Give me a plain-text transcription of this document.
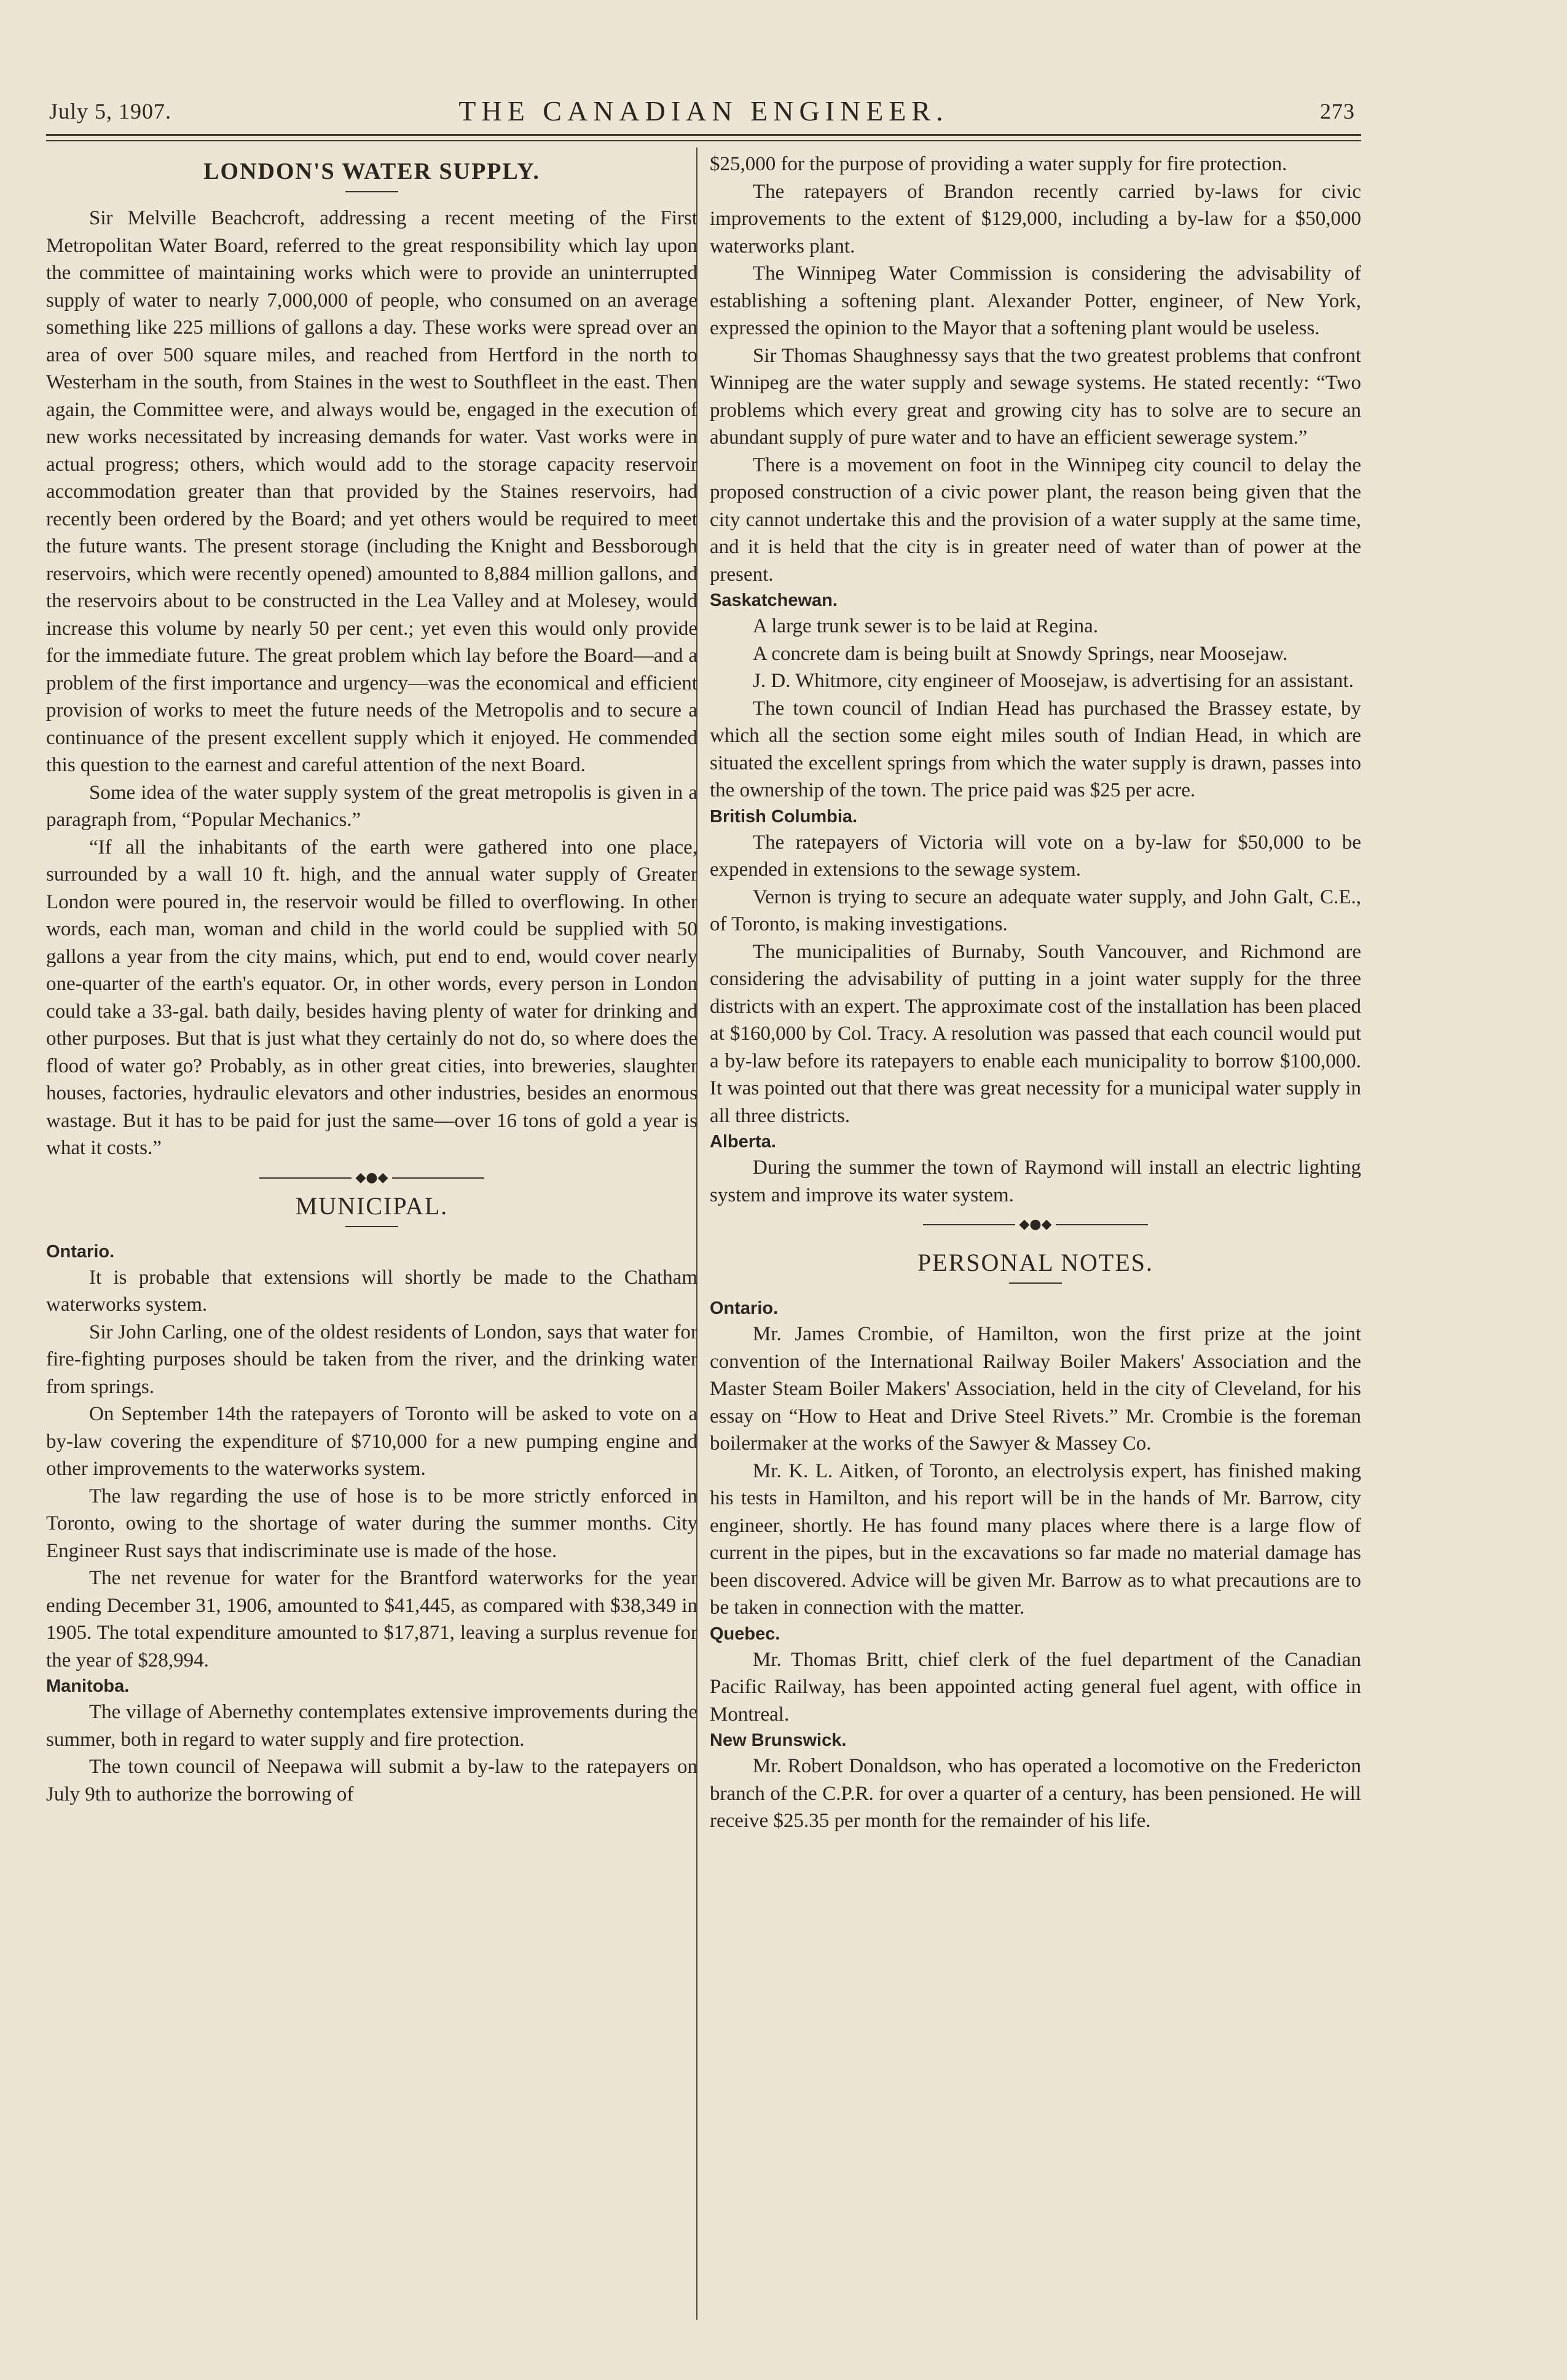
July 5, 1907.	THE CANADIAN ENGINEER.	273
LONDON'S WATER SUPPLY.

Sir Melville Beachcroft, addressing a recent meeting of the First Metropolitan Water Board, referred to the great responsibility which lay upon the committee of maintaining works which were to provide an uninterrupted supply of water to nearly 7,000,000 of people, who consumed on an average something like 225 millions of gallons a day. These works were spread over an area of over 500 square miles, and reached from Hertford in the north to Westerham in the south, from Staines in the west to Southfleet in the east. Then again, the Committee were, and always would be, engaged in the execution of new works necessitated by increasing demands for water. Vast works were in actual progress; others, which would add to the storage capacity reservoir accommodation greater than that provided by the Staines reservoirs, had recently been ordered by the Board; and yet others would be required to meet the future wants. The present storage (including the Knight and Bessborough reservoirs, which were recently opened) amounted to 8,884 million gallons, and the reservoirs about to be constructed in the Lea Valley and at Molesey, would increase this volume by nearly 50 per cent.; yet even this would only provide for the immediate future. The great problem which lay before the Board—and a problem of the first importance and urgency—was the economical and efficient provision of works to meet the future needs of the Metropolis and to secure a continuance of the present excellent supply which it enjoyed. He commended this question to the earnest and careful attention of the next Board.

Some idea of the water supply system of the great metropolis is given in a paragraph from, “Popular Mechanics.”

“If all the inhabitants of the earth were gathered into one place, surrounded by a wall 10 ft. high, and the annual water supply of Greater London were poured in, the reservoir would be filled to overflowing. In other words, each man, woman and child in the world could be supplied with 50 gallons a year from the city mains, which, put end to end, would cover nearly one-quarter of the earth's equator. Or, in other words, every person in London could take a 33-gal. bath daily, besides having plenty of water for drinking and other purposes. But that is just what they certainly do not do, so where does the flood of water go? Probably, as in other great cities, into breweries, slaughter houses, factories, hydraulic elevators and other industries, besides an enormous wastage. But it has to be paid for just the same—over 16 tons of gold a year is what it costs.”

◆●◆
MUNICIPAL.

Ontario.

It is probable that extensions will shortly be made to the Chatham waterworks system.

Sir John Carling, one of the oldest residents of London, says that water for fire-fighting purposes should be taken from the river, and the drinking water from springs.

On September 14th the ratepayers of Toronto will be asked to vote on a by-law covering the expenditure of $710,000 for a new pumping engine and other improvements to the waterworks system.

The law regarding the use of hose is to be more strictly enforced in Toronto, owing to the shortage of water during the summer months. City Engineer Rust says that indiscriminate use is made of the hose.

The net revenue for water for the Brantford waterworks for the year ending December 31, 1906, amounted to $41,445, as compared with $38,349 in 1905. The total expenditure amounted to $17,871, leaving a surplus revenue for the year of $28,994.

Manitoba.

The village of Abernethy contemplates extensive improvements during the summer, both in regard to water supply and fire protection.

The town council of Neepawa will submit a by-law to the ratepayers on July 9th to authorize the borrowing of

$25,000 for the purpose of providing a water supply for fire protection.

The ratepayers of Brandon recently carried by-laws for civic improvements to the extent of $129,000, including a by-law for a $50,000 waterworks plant.

The Winnipeg Water Commission is considering the advisability of establishing a softening plant. Alexander Potter, engineer, of New York, expressed the opinion to the Mayor that a softening plant would be useless.

Sir Thomas Shaughnessy says that the two greatest problems that confront Winnipeg are the water supply and sewage systems. He stated recently: “Two problems which every great and growing city has to solve are to secure an abundant supply of pure water and to have an efficient sewerage system.”

There is a movement on foot in the Winnipeg city council to delay the proposed construction of a civic power plant, the reason being given that the city cannot undertake this and the provision of a water supply at the same time, and it is held that the city is in greater need of water than of power at the present.

Saskatchewan.

A large trunk sewer is to be laid at Regina.

A concrete dam is being built at Snowdy Springs, near Moosejaw.

J. D. Whitmore, city engineer of Moosejaw, is advertising for an assistant.

The town council of Indian Head has purchased the Brassey estate, by which all the section some eight miles south of Indian Head, in which are situated the excellent springs from which the water supply is drawn, passes into the ownership of the town. The price paid was $25 per acre.

British Columbia.

The ratepayers of Victoria will vote on a by-law for $50,000 to be expended in extensions to the sewage system.

Vernon is trying to secure an adequate water supply, and John Galt, C.E., of Toronto, is making investigations.

The municipalities of Burnaby, South Vancouver, and Richmond are considering the advisability of putting in a joint water supply for the three districts with an expert. The approximate cost of the installation has been placed at $160,000 by Col. Tracy. A resolution was passed that each council would put a by-law before its ratepayers to enable each municipality to borrow $100,000. It was pointed out that there was great necessity for a municipal water supply in all three districts.

Alberta.

During the summer the town of Raymond will install an electric lighting system and improve its water system.

◆●◆
PERSONAL NOTES.

Ontario.

Mr. James Crombie, of Hamilton, won the first prize at the joint convention of the International Railway Boiler Makers' Association and the Master Steam Boiler Makers' Association, held in the city of Cleveland, for his essay on “How to Heat and Drive Steel Rivets.” Mr. Crombie is the foreman boilermaker at the works of the Sawyer & Massey Co.

Mr. K. L. Aitken, of Toronto, an electrolysis expert, has finished making his tests in Hamilton, and his report will be in the hands of Mr. Barrow, city engineer, shortly. He has found many places where there is a large flow of current in the pipes, but in the excavations so far made no material damage has been discovered. Advice will be given Mr. Barrow as to what precautions are to be taken in connection with the matter.

Quebec.

Mr. Thomas Britt, chief clerk of the fuel department of the Canadian Pacific Railway, has been appointed acting general fuel agent, with office in Montreal.

New Brunswick.

Mr. Robert Donaldson, who has operated a locomotive on the Fredericton branch of the C.P.R. for over a quarter of a century, has been pensioned. He will receive $25.35 per month for the remainder of his life.
